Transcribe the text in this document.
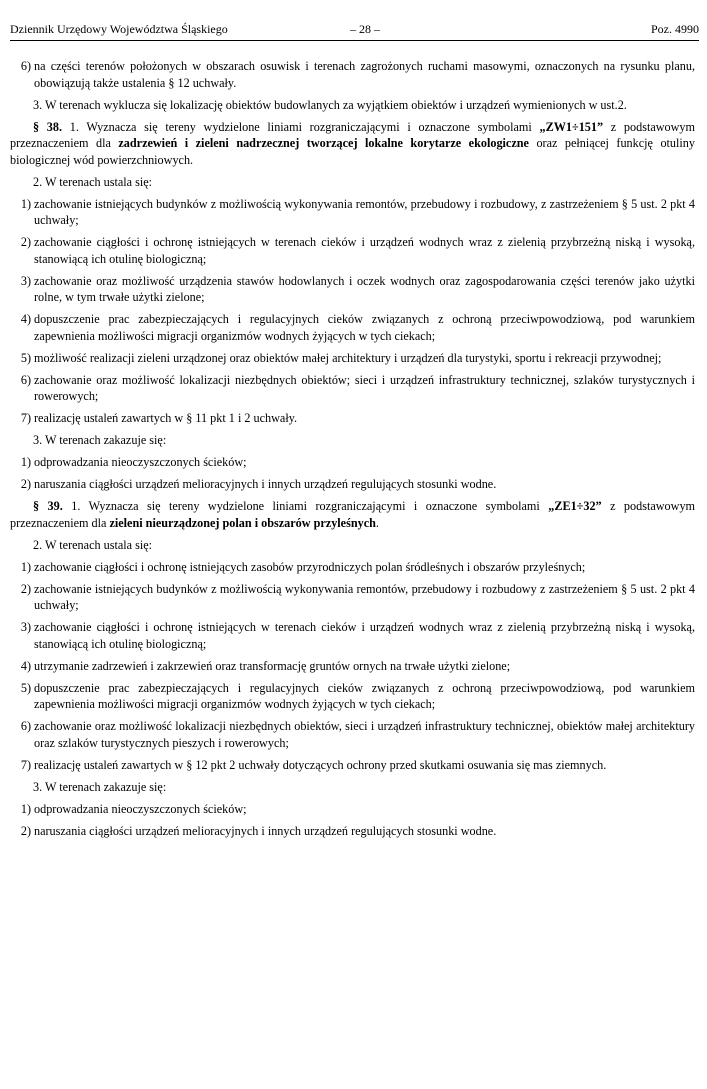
Dziennik Urzędowy Województwa Śląskiego	– 28 –	Poz. 4990
6) na części terenów położonych w obszarach osuwisk i terenach zagrożonych ruchami masowymi, oznaczonych na rysunku planu, obowiązują także ustalenia § 12 uchwały.

3. W terenach wyklucza się lokalizację obiektów budowlanych za wyjątkiem obiektów i urządzeń wymienionych w ust.2.

§ 38. 1. Wyznacza się tereny wydzielone liniami rozgraniczającymi i oznaczone symbolami „ZW1÷151” z podstawowym przeznaczeniem dla zadrzewień i zieleni nadrzecznej tworzącej lokalne korytarze ekologiczne oraz pełniącej funkcję otuliny biologicznej wód powierzchniowych.

2. W terenach ustala się:

1) zachowanie istniejących budynków z możliwością wykonywania remontów, przebudowy i rozbudowy, z zastrzeżeniem § 5 ust. 2 pkt 4 uchwały;
2) zachowanie ciągłości i ochronę istniejących w terenach cieków i urządzeń wodnych wraz z zielenią przybrzeżną niską i wysoką, stanowiącą ich otulinę biologiczną;
3) zachowanie oraz możliwość urządzenia stawów hodowlanych i oczek wodnych oraz zagospodarowania części terenów jako użytki rolne, w tym trwałe użytki zielone;
4) dopuszczenie prac zabezpieczających i regulacyjnych cieków związanych z ochroną przeciwpowodziową, pod warunkiem zapewnienia możliwości migracji organizmów wodnych żyjących w tych ciekach;
5) możliwość realizacji zieleni urządzonej oraz obiektów małej architektury i urządzeń dla turystyki, sportu i rekreacji przywodnej;
6) zachowanie oraz możliwość lokalizacji niezbędnych obiektów; sieci i urządzeń infrastruktury technicznej, szlaków turystycznych i rowerowych;
7) realizację ustaleń zawartych w § 11 pkt 1 i 2 uchwały.

3. W terenach zakazuje się:

1) odprowadzania nieoczyszczonych ścieków;
2) naruszania ciągłości urządzeń melioracyjnych i innych urządzeń regulujących stosunki wodne.

§ 39. 1. Wyznacza się tereny wydzielone liniami rozgraniczającymi i oznaczone symbolami „ZE1÷32” z podstawowym przeznaczeniem dla zieleni nieurządzonej polan i obszarów przyleśnych.

2. W terenach ustala się:

1) zachowanie ciągłości i ochronę istniejących zasobów przyrodniczych polan śródleśnych i obszarów przyleśnych;
2) zachowanie istniejących budynków z możliwością wykonywania remontów, przebudowy i rozbudowy z zastrzeżeniem § 5 ust. 2 pkt 4 uchwały;
3) zachowanie ciągłości i ochronę istniejących w terenach cieków i urządzeń wodnych wraz z zielenią przybrzeżną niską i wysoką, stanowiącą ich otulinę biologiczną;
4) utrzymanie zadrzewień i zakrzewień oraz transformację gruntów ornych na trwałe użytki zielone;
5) dopuszczenie prac zabezpieczających i regulacyjnych cieków związanych z ochroną przeciwpowodziową, pod warunkiem zapewnienia możliwości migracji organizmów wodnych żyjących w tych ciekach;
6) zachowanie oraz możliwość lokalizacji niezbędnych obiektów, sieci i urządzeń infrastruktury technicznej, obiektów małej architektury oraz szlaków turystycznych pieszych i rowerowych;
7) realizację ustaleń zawartych w § 12 pkt 2 uchwały dotyczących ochrony przed skutkami osuwania się mas ziemnych.

3. W terenach zakazuje się:

1) odprowadzania nieoczyszczonych ścieków;
2) naruszania ciągłości urządzeń melioracyjnych i innych urządzeń regulujących stosunki wodne.
